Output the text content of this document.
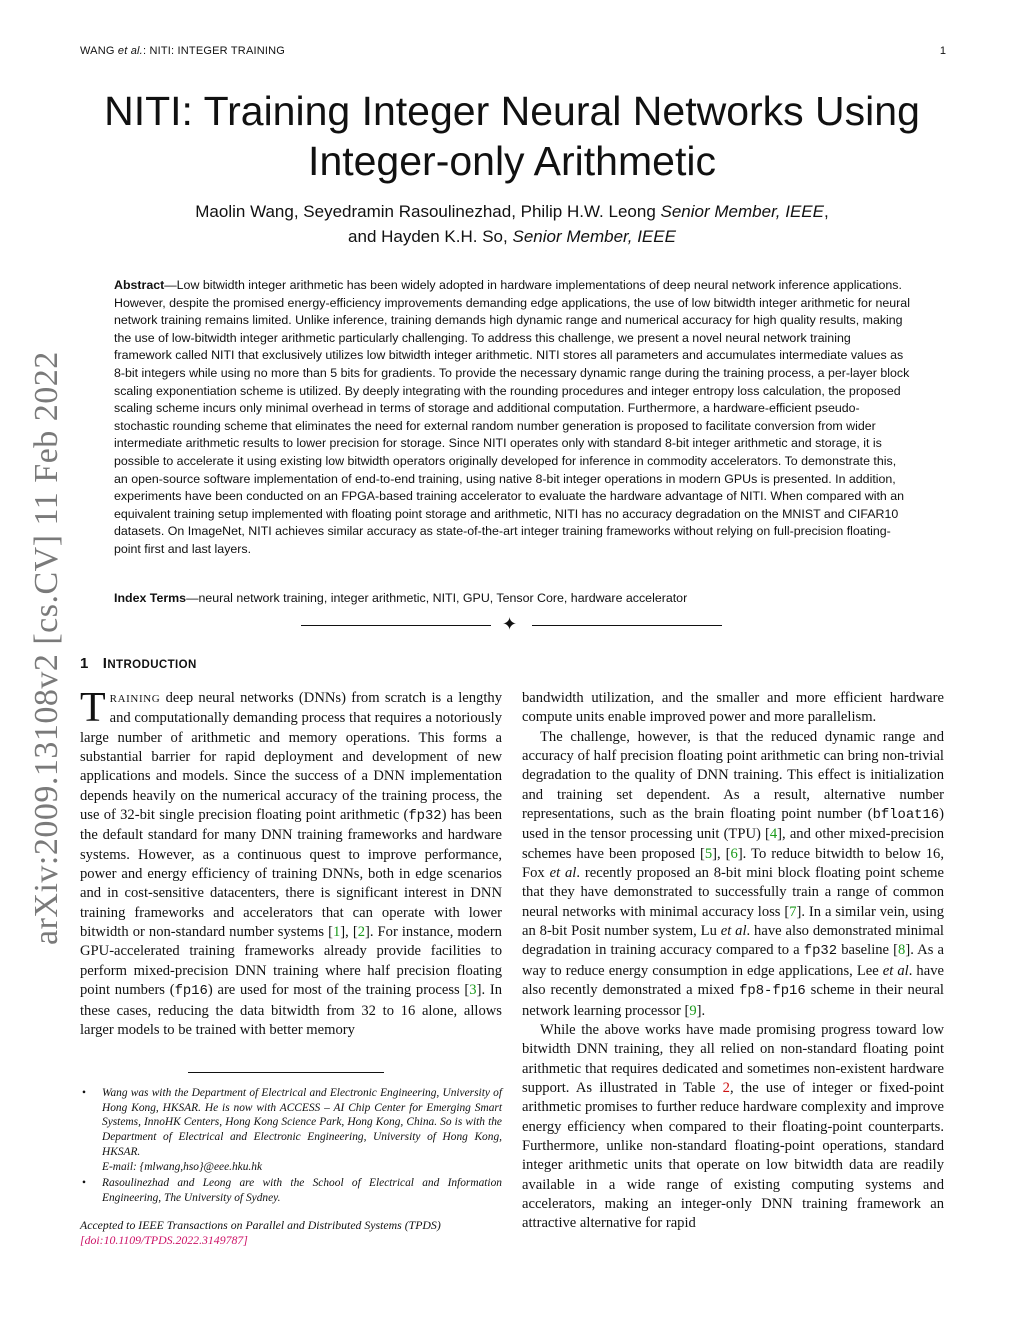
WANG et al.: NITI: INTEGER TRAINING	1
arXiv:2009.13108v2 [cs.CV] 11 Feb 2022
NITI: Training Integer Neural Networks Using Integer-only Arithmetic
Maolin Wang, Seyedramin Rasoulinezhad, Philip H.W. Leong Senior Member, IEEE,
and Hayden K.H. So, Senior Member, IEEE
Abstract—Low bitwidth integer arithmetic has been widely adopted in hardware implementations of deep neural network inference applications. However, despite the promised energy-efficiency improvements demanding edge applications, the use of low bitwidth integer arithmetic for neural network training remains limited. Unlike inference, training demands high dynamic range and numerical accuracy for high quality results, making the use of low-bitwidth integer arithmetic particularly challenging. To address this challenge, we present a novel neural network training framework called NITI that exclusively utilizes low bitwidth integer arithmetic. NITI stores all parameters and accumulates intermediate values as 8-bit integers while using no more than 5 bits for gradients. To provide the necessary dynamic range during the training process, a per-layer block scaling exponentiation scheme is utilized. By deeply integrating with the rounding procedures and integer entropy loss calculation, the proposed scaling scheme incurs only minimal overhead in terms of storage and additional computation. Furthermore, a hardware-efficient pseudo-stochastic rounding scheme that eliminates the need for external random number generation is proposed to facilitate conversion from wider intermediate arithmetic results to lower precision for storage. Since NITI operates only with standard 8-bit integer arithmetic and storage, it is possible to accelerate it using existing low bitwidth operators originally developed for inference in commodity accelerators. To demonstrate this, an open-source software implementation of end-to-end training, using native 8-bit integer operations in modern GPUs is presented. In addition, experiments have been conducted on an FPGA-based training accelerator to evaluate the hardware advantage of NITI. When compared with an equivalent training setup implemented with floating point storage and arithmetic, NITI has no accuracy degradation on the MNIST and CIFAR10 datasets. On ImageNet, NITI achieves similar accuracy as state-of-the-art integer training frameworks without relying on full-precision floating-point first and last layers.
Index Terms—neural network training, integer arithmetic, NITI, GPU, Tensor Core, hardware accelerator
✦
1 INTRODUCTION

TRAINING deep neural networks (DNNs) from scratch is a lengthy and computationally demanding process that requires a notoriously large number of arithmetic and memory operations. This forms a substantial barrier for rapid deployment and development of new applications and models. Since the success of a DNN implementation depends heavily on the numerical accuracy of the training process, the use of 32-bit single precision floating point arithmetic (fp32) has been the default standard for many DNN training frameworks and hardware systems. However, as a continuous quest to improve performance, power and energy efficiency of training DNNs, both in edge scenarios and in cost-sensitive datacenters, there is significant interest in DNN training frameworks and accelerators that can operate with lower bitwidth or non-standard number systems [1], [2]. For instance, modern GPU-accelerated training frameworks already provide facilities to perform mixed-precision DNN training where half precision floating point numbers (fp16) are used for most of the training process [3]. In these cases, reducing the data bitwidth from 32 to 16 alone, allows larger models to be trained with better memory

• Wang was with the Department of Electrical and Electronic Engineering, University of Hong Kong, HKSAR. He is now with ACCESS – AI Chip Center for Emerging Smart Systems, InnoHK Centers, Hong Kong Science Park, Hong Kong, China. So is with the Department of Electrical and Electronic Engineering, University of Hong Kong, HKSAR.
E-mail: {mlwang,hso}@eee.hku.hk
• Rasoulinezhad and Leong are with the School of Electrical and Information Engineering, The University of Sydney.
Accepted to IEEE Transactions on Parallel and Distributed Systems (TPDS)
[doi:10.1109/TPDS.2022.3149787]

bandwidth utilization, and the smaller and more efficient hardware compute units enable improved power and more parallelism.

The challenge, however, is that the reduced dynamic range and accuracy of half precision floating point arithmetic can bring non-trivial degradation to the quality of DNN training. This effect is initialization and training set dependent. As a result, alternative number representations, such as the brain floating point number (bfloat16) used in the tensor processing unit (TPU) [4], and other mixed-precision schemes have been proposed [5], [6]. To reduce bitwidth to below 16, Fox et al. recently proposed an 8-bit mini block floating point scheme that they have demonstrated to successfully train a range of common neural networks with minimal accuracy loss [7]. In a similar vein, using an 8-bit Posit number system, Lu et al. have also demonstrated minimal degradation in training accuracy compared to a fp32 baseline [8]. As a way to reduce energy consumption in edge applications, Lee et al. have also recently demonstrated a mixed fp8-fp16 scheme in their neural network learning processor [9].

While the above works have made promising progress toward low bitwidth DNN training, they all relied on non-standard floating point arithmetic that requires dedicated and sometimes non-existent hardware support. As illustrated in Table 2, the use of integer or fixed-point arithmetic promises to further reduce hardware complexity and improve energy efficiency when compared to their floating-point counterparts. Furthermore, unlike non-standard floating-point operations, standard integer arithmetic units that operate on low bitwidth data are readily available in a wide range of existing computing systems and accelerators, making an integer-only DNN training framework an attractive alternative for rapid
